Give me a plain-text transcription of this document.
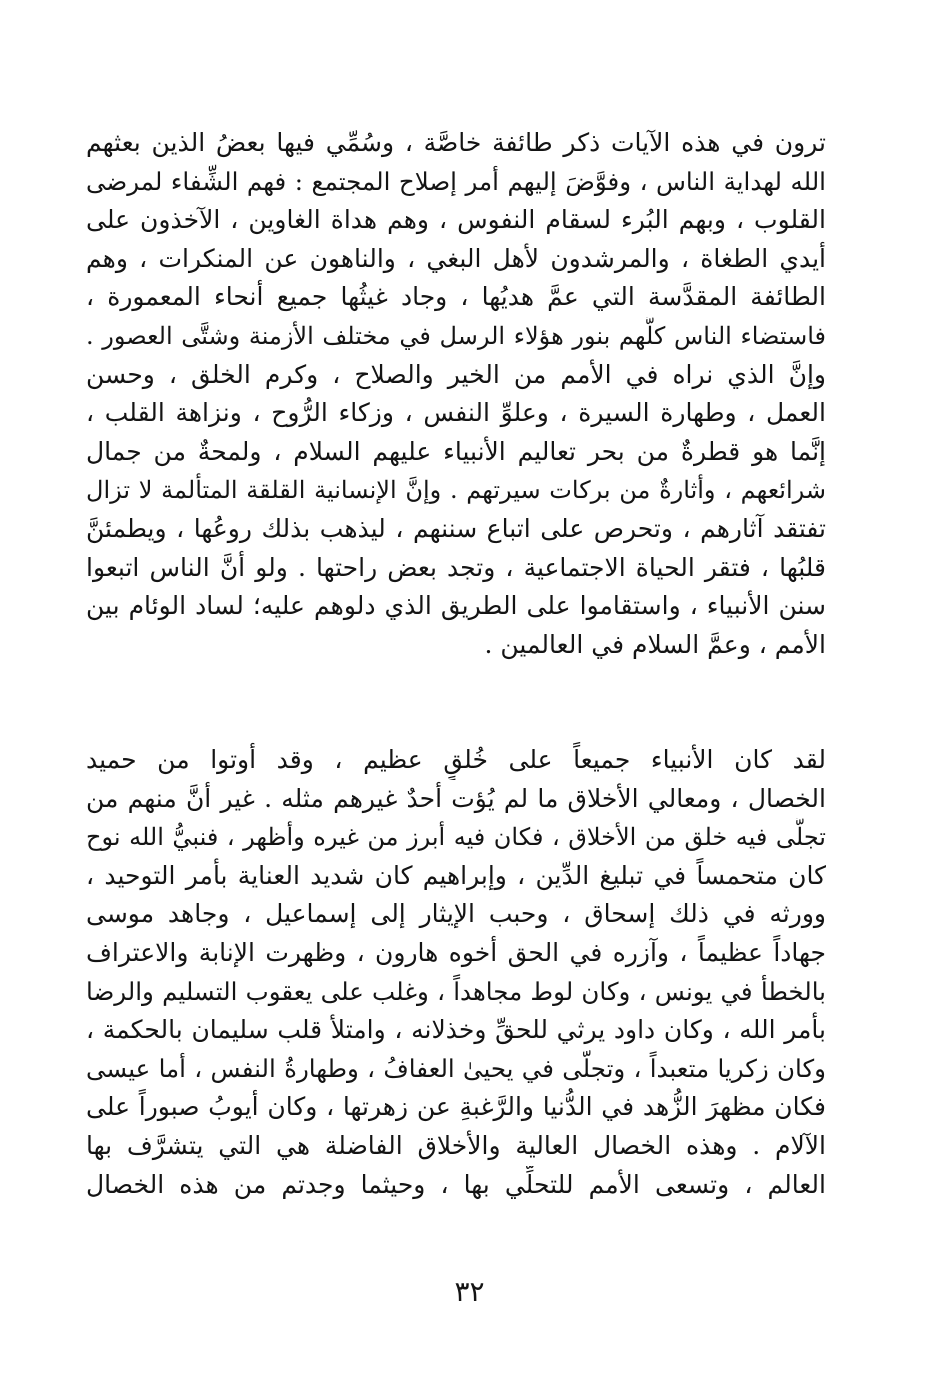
ترون في هذه الآيات ذكر طائفة خاصَّة ، وسُمِّي فيها بعضُ الذين بعثهم
الله لهداية الناس ، وفوَّضَ إليهم أمر إصلاح المجتمع : فهم الشِّفاء لمرضى
القلوب ، وبهم البُرء لسقام النفوس ، وهم هداة الغاوين ، الآخذون على
أيدي الطغاة ، والمرشدون لأهل البغي ، والناهون عن المنكرات ، وهم
الطائفة المقدَّسة التي عمَّ هديُها ، وجاد غيثُها جميع أنحاء المعمورة ،
فاستضاء الناس كلُّهم بنور هؤلاء الرسل في مختلف الأزمنة وشتَّى العصور .
وإنَّ الذي نراه في الأمم من الخير والصلاح ، وكرم الخلق ، وحسن
العمل ، وطهارة السيرة ، وعلوِّ النفس ، وزكاء الرُّوح ، ونزاهة القلب ،
إنَّما هو قطرةٌ من بحر تعاليم الأنبياء عليهم السلام ، ولمحةٌ من جمال
شرائعهم ، وأثارةٌ من بركات سيرتهم . وإنَّ الإنسانية القلقة المتألمة لا تزال
تفتقد آثارهم ، وتحرص على اتباع سننهم ، ليذهب بذلك روعُها ، ويطمئنَّ
قلبُها ، فتقر الحياة الاجتماعية ، وتجد بعض راحتها . ولو أنَّ الناس اتبعوا
سنن الأنبياء ، واستقاموا على الطريق الذي دلوهم عليه؛ لساد الوئام بين
الأمم ، وعمَّ السلام في العالمين .
لقد كان الأنبياء جميعاً على خُلقٍ عظيم ، وقد أوتوا من حميد
الخصال ، ومعالي الأخلاق ما لم يُؤت أحدٌ غيرهم مثله . غير أنَّ منهم من
تجلَّى فيه خلق من الأخلاق ، فكان فيه أبرز من غيره وأظهر ، فنبيُّ الله نوح
كان متحمساً في تبليغ الدِّين ، وإبراهيم كان شديد العناية بأمر التوحيد ،
وورثه في ذلك إسحاق ، وحبب الإيثار إلى إسماعيل ، وجاهد موسى
جهاداً عظيماً ، وآزره في الحق أخوه هارون ، وظهرت الإنابة والاعتراف
بالخطأ في يونس ، وكان لوط مجاهداً ، وغلب على يعقوب التسليم والرضا
بأمر الله ، وكان داود يرثي للحقِّ وخذلانه ، وامتلأ قلب سليمان بالحكمة ،
وكان زكريا متعبداً ، وتجلَّى في يحيىٰ العفافُ ، وطهارةُ النفس ، أما عيسى
فكان مظهرَ الزُّهد في الدُّنيا والرَّغبةِ عن زهرتها ، وكان أيوبُ صبوراً على
الآلام . وهذه الخصال العالية والأخلاق الفاضلة هي التي يتشرَّف بها
العالم ، وتسعى الأمم للتحلِّي بها ، وحيثما وجدتم من هذه الخصال
٣٢
